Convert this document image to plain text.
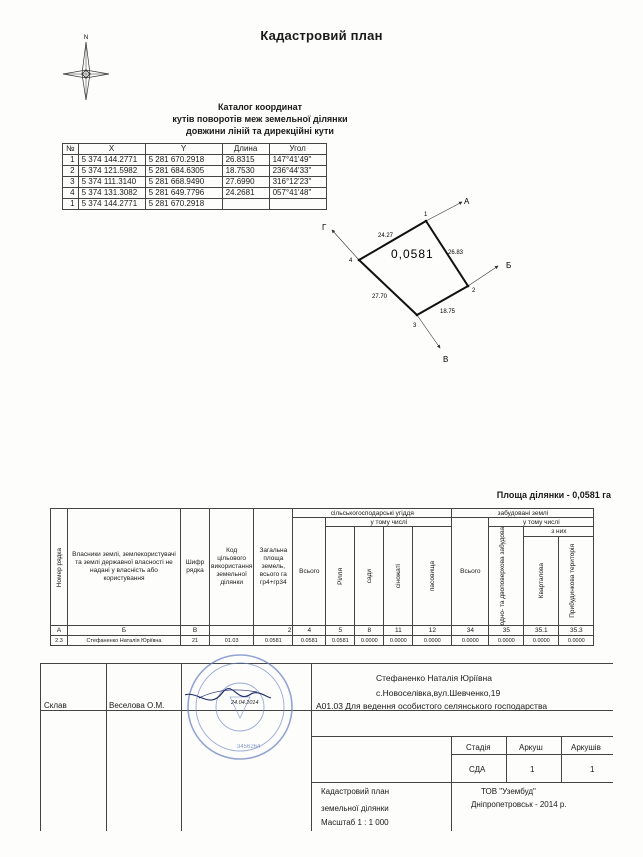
Кадастровий план
N
Каталог координат
кутів поворотів меж земельної ділянки
довжини ліній та дирекційні кути
№	X	Y	Длина	Угол
1	5 374 144.2771	5 281 670.2918	26.8315	147°41'49"
2	5 374 121.5982	5 281 684.6305	18.7530	236°44'33"
3	5 374 111.3140	5 281 668.9490	27.6990	316°12'23"
4	5 374 131.3082	5 281 649.7796	24.2681	057°41'48"
1	5 374 144.2771	5 281 670.2918		
0,0581
24.27
26.83
18.75
27.70
1
2
3
4
А
Б
В
Г
Площа ділянки - 0,0581 га
Номер рядка	Власники землі, землекористувачі та землі державної власності не надані у власність або користування	Шифр рядка	Код цільового використання земельної ділянки	Загальна площа земель, всього га гр4+гр34	сільськогосподарські угіддя					забудовані землі			
					Всього	у тому числі				Всього	у тому числі		

						Рілля	сади	сіножаті	пасовища		одно- та двоповерхова забудова	з них	

												Кварталова	Прибудинкова територія

А	Б	В		2	4	5	8	11	12	34	35	35.1	35.3
2.3	Стефаненко Наталія Юріївна	21	01.03	0.0581	0.0581	0.0581	0.0000	0.0000	0.0000	0.0000	0.0000	0.0000	0.0000
Стефаненко Наталія Юріївна
с.Новоселівка,вул.Шевченко,19
А01.03 Для ведення особистого селянського господарства
Склав	Веселова О.М.	24.04.2014
Стадія	Аркуш	Аркушів
СДА	1	1
Кадастровий план
земельної ділянки
Масштаб 1 : 1 000
ТОВ "Узембуд"
Дніпропетровськ - 2014 р.
3456264
